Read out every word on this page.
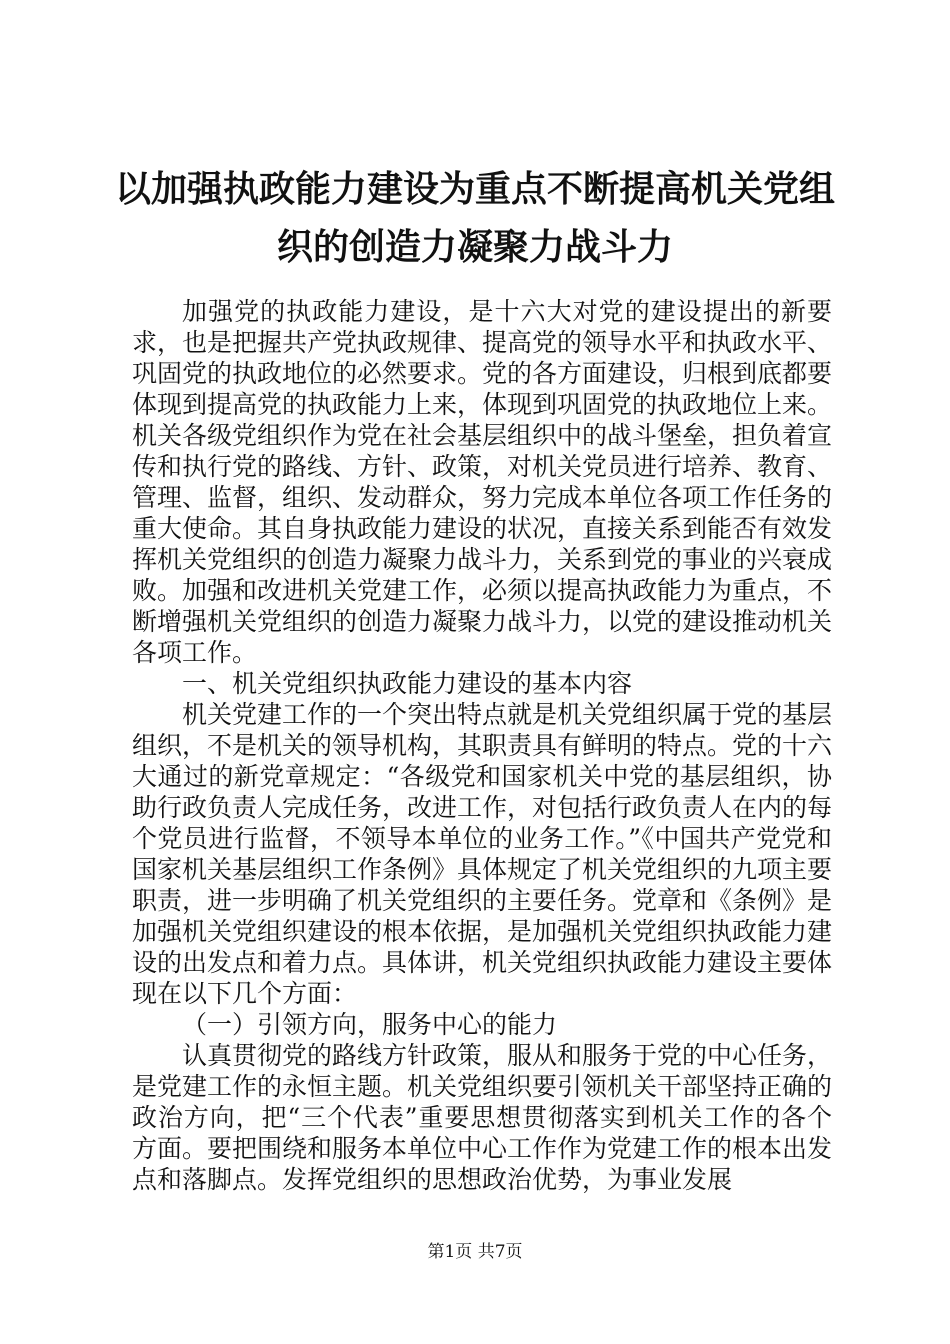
以加强执政能力建设为重点不断提高机关党组
织的创造力凝聚力战斗力

加强党的执政能力建设，是十六大对党的建设提出的新要求，也是把握共产党执政规律、提高党的领导水平和执政水平、巩固党的执政地位的必然要求。党的各方面建设，归根到底都要体现到提高党的执政能力上来，体现到巩固党的执政地位上来。机关各级党组织作为党在社会基层组织中的战斗堡垒，担负着宣传和执行党的路线、方针、政策，对机关党员进行培养、教育、管理、监督，组织、发动群众，努力完成本单位各项工作任务的重大使命。其自身执政能力建设的状况，直接关系到能否有效发挥机关党组织的创造力凝聚力战斗力，关系到党的事业的兴衰成败。加强和改进机关党建工作，必须以提高执政能力为重点，不断增强机关党组织的创造力凝聚力战斗力，以党的建设推动机关各项工作。

一、机关党组织执政能力建设的基本内容

机关党建工作的一个突出特点就是机关党组织属于党的基层组织，不是机关的领导机构，其职责具有鲜明的特点。党的十六大通过的新党章规定：“各级党和国家机关中党的基层组织，协助行政负责人完成任务，改进工作，对包括行政负责人在内的每个党员进行监督，不领导本单位的业务工作。”《中国共产党党和国家机关基层组织工作条例》具体规定了机关党组织的九项主要职责，进一步明确了机关党组织的主要任务。党章和《条例》是加强机关党组织建设的根本依据，是加强机关党组织执政能力建设的出发点和着力点。具体讲，机关党组织执政能力建设主要体现在以下几个方面：

（一）引领方向，服务中心的能力

认真贯彻党的路线方针政策，服从和服务于党的中心任务，是党建工作的永恒主题。机关党组织要引领机关干部坚持正确的政治方向，把“三个代表”重要思想贯彻落实到机关工作的各个方面。要把围绕和服务本单位中心工作作为党建工作的根本出发点和落脚点。发挥党组织的思想政治优势，为事业发展

第1页 共7页
